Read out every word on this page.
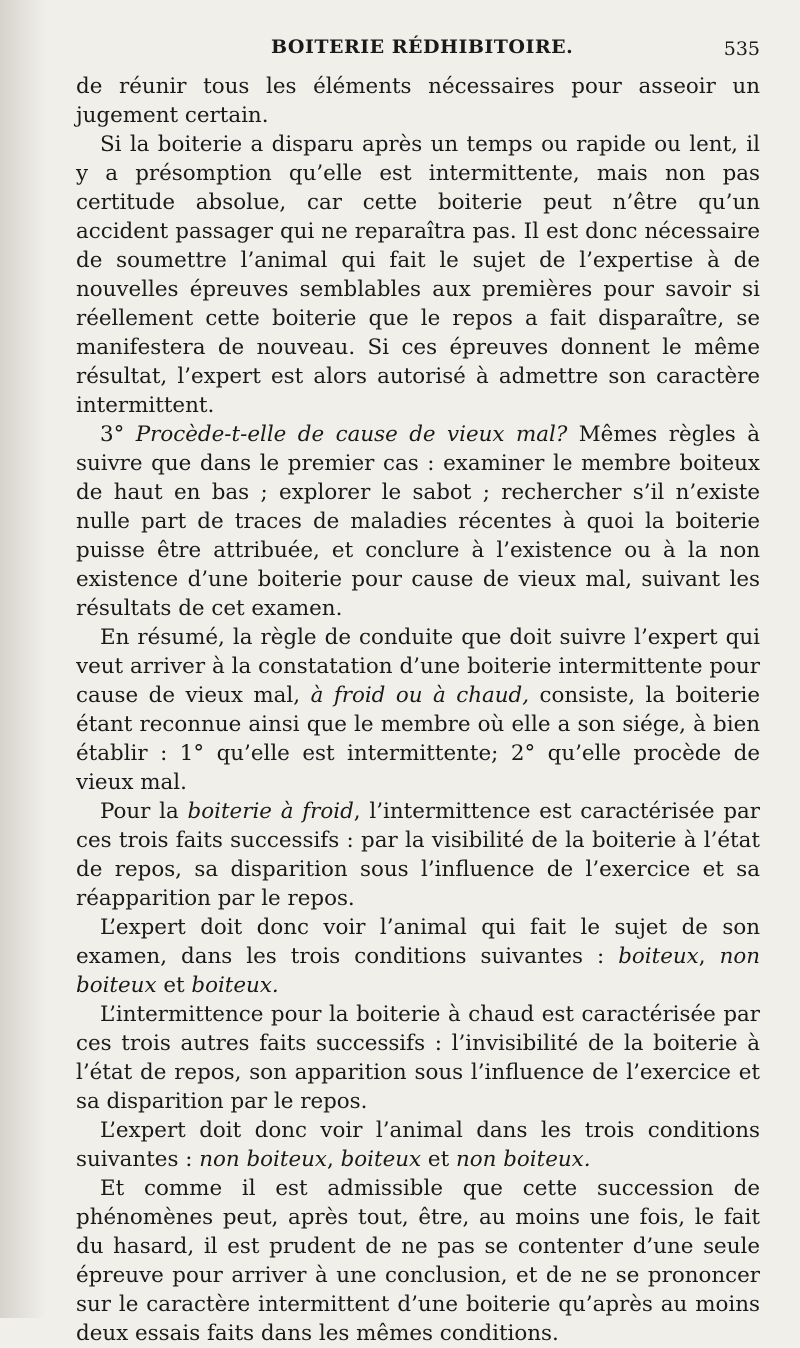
BOITERIE RÉDHIBITOIRE.	535

de réunir tous les éléments nécessaires pour asseoir un jugement certain.

Si la boiterie a disparu après un temps ou rapide ou lent, il y a présomption qu’elle est intermittente, mais non pas certitude absolue, car cette boiterie peut n’être qu’un accident passager qui ne reparaîtra pas. Il est donc nécessaire de soumettre l’animal qui fait le sujet de l’expertise à de nouvelles épreuves semblables aux premières pour savoir si réellement cette boiterie que le repos a fait disparaître, se manifestera de nouveau. Si ces épreuves donnent le même résultat, l’expert est alors autorisé à admettre son caractère intermittent.

3° Procède-t-elle de cause de vieux mal? Mêmes règles à suivre que dans le premier cas : examiner le membre boiteux de haut en bas ; explorer le sabot ; rechercher s’il n’existe nulle part de traces de maladies récentes à quoi la boiterie puisse être attribuée, et conclure à l’existence ou à la non existence d’une boiterie pour cause de vieux mal, suivant les résultats de cet examen.

En résumé, la règle de conduite que doit suivre l’expert qui veut arriver à la constatation d’une boiterie intermittente pour cause de vieux mal, à froid ou à chaud, consiste, la boiterie étant reconnue ainsi que le membre où elle a son siége, à bien établir : 1° qu’elle est intermittente; 2° qu’elle procède de vieux mal.

Pour la boiterie à froid, l’intermittence est caractérisée par ces trois faits successifs : par la visibilité de la boiterie à l’état de repos, sa disparition sous l’influence de l’exercice et sa réapparition par le repos.

L’expert doit donc voir l’animal qui fait le sujet de son examen, dans les trois conditions suivantes : boiteux, non boiteux et boiteux.

L’intermittence pour la boiterie à chaud est caractérisée par ces trois autres faits successifs : l’invisibilité de la boiterie à l’état de repos, son apparition sous l’influence de l’exercice et sa disparition par le repos.

L’expert doit donc voir l’animal dans les trois conditions suivantes : non boiteux, boiteux et non boiteux.

Et comme il est admissible que cette succession de phénomènes peut, après tout, être, au moins une fois, le fait du hasard, il est prudent de ne pas se contenter d’une seule épreuve pour arriver à une conclusion, et de ne se prononcer sur le caractère intermittent d’une boiterie qu’après au moins deux essais faits dans les mêmes conditions.
